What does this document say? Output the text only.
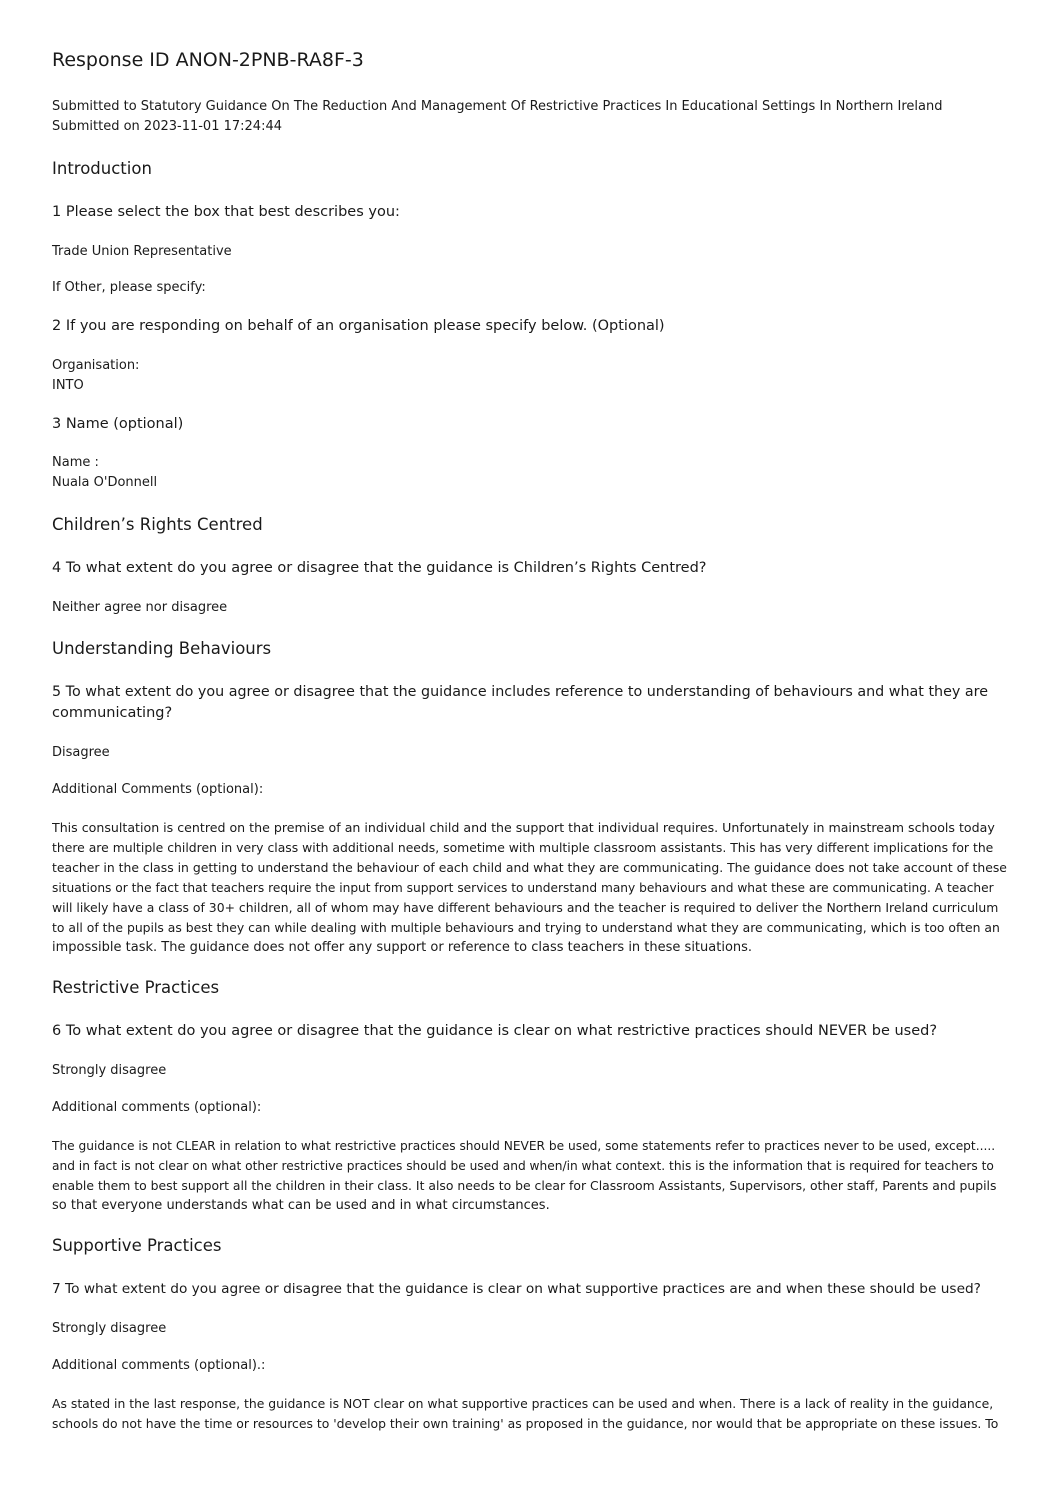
Response ID ANON-2PNB-RA8F-3
Submitted to Statutory Guidance On The Reduction And Management Of Restrictive Practices In Educational Settings In Northern Ireland
Submitted on 2023-11-01 17:24:44
Introduction
1 Please select the box that best describes you:
Trade Union Representative
If Other, please specify:
2 If you are responding on behalf of an organisation please specify below. (Optional)
Organisation:
INTO
3 Name (optional)
Name :
Nuala O'Donnell
Children’s Rights Centred
4 To what extent do you agree or disagree that the guidance is Children’s Rights Centred?
Neither agree nor disagree
Understanding Behaviours
5 To what extent do you agree or disagree that the guidance includes reference to understanding of behaviours and what they are
communicating?
Disagree
Additional Comments (optional):
This consultation is centred on the premise of an individual child and the support that individual requires. Unfortunately in mainstream schools today
there are multiple children in very class with additional needs, sometime with multiple classroom assistants. This has very different implications for the
teacher in the class in getting to understand the behaviour of each child and what they are communicating. The guidance does not take account of these
situations or the fact that teachers require the input from support services to understand many behaviours and what these are communicating. A teacher
will likely have a class of 30+ children, all of whom may have different behaviours and the teacher is required to deliver the Northern Ireland curriculum
to all of the pupils as best they can while dealing with multiple behaviours and trying to understand what they are communicating, which is too often an
impossible task. The guidance does not offer any support or reference to class teachers in these situations.
Restrictive Practices
6 To what extent do you agree or disagree that the guidance is clear on what restrictive practices should NEVER be used?
Strongly disagree
Additional comments (optional):
The guidance is not CLEAR in relation to what restrictive practices should NEVER be used, some statements refer to practices never to be used, except.....
and in fact is not clear on what other restrictive practices should be used and when/in what context. this is the information that is required for teachers to
enable them to best support all the children in their class. It also needs to be clear for Classroom Assistants, Supervisors, other staff, Parents and pupils
so that everyone understands what can be used and in what circumstances.
Supportive Practices
7 To what extent do you agree or disagree that the guidance is clear on what supportive practices are and when these should be used?
Strongly disagree
Additional comments (optional).:
As stated in the last response, the guidance is NOT clear on what supportive practices can be used and when. There is a lack of reality in the guidance,
schools do not have the time or resources to 'develop their own training' as proposed in the guidance, nor would that be appropriate on these issues. To
